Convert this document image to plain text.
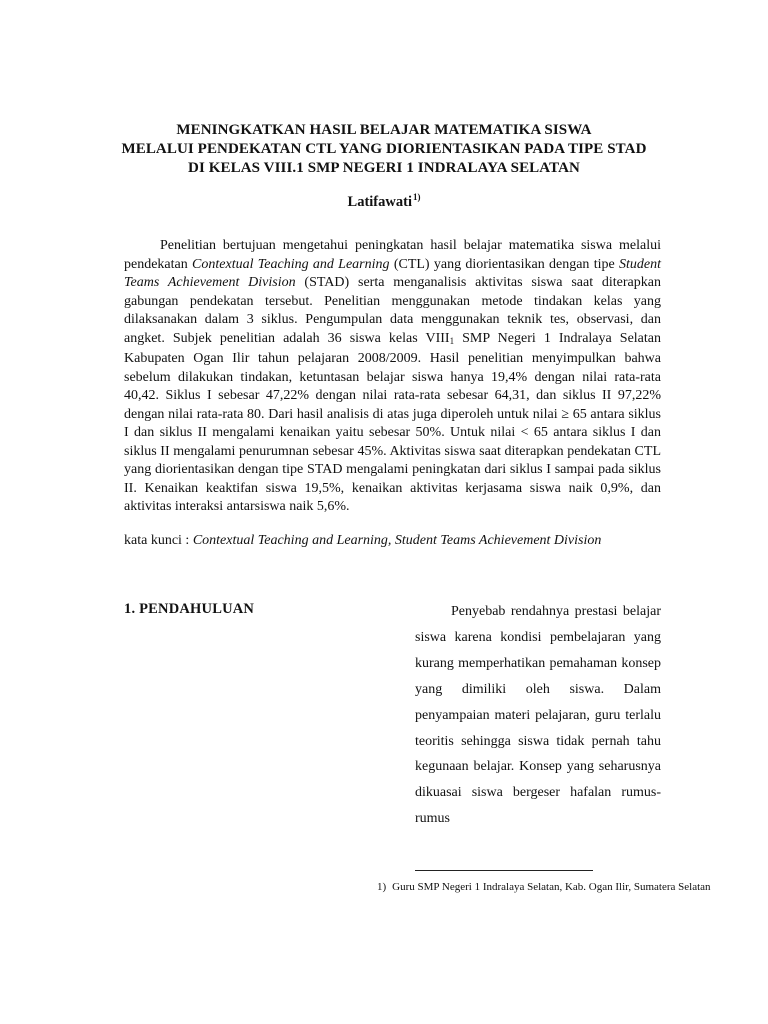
MENINGKATKAN HASIL BELAJAR MATEMATIKA SISWA
MELALUI PENDEKATAN CTL YANG DIORIENTASIKAN PADA TIPE STAD
DI KELAS VIII.1 SMP NEGERI 1 INDRALAYA SELATAN
Latifawati$^{1)}$

Penelitian bertujuan mengetahui peningkatan hasil belajar matematika siswa melalui pendekatan Contextual Teaching and Learning (CTL) yang diorientasikan dengan tipe Student Teams Achievement Division (STAD) serta menganalisis aktivitas siswa saat diterapkan gabungan pendekatan tersebut. Penelitian menggunakan metode tindakan kelas yang dilaksanakan dalam 3 siklus. Pengumpulan data menggunakan teknik tes, observasi, dan angket. Subjek penelitian adalah 36 siswa kelas $VIII_1$ SMP Negeri 1 Indralaya Selatan Kabupaten Ogan Ilir tahun pelajaran 2008/2009. Hasil penelitian menyimpulkan bahwa sebelum dilakukan tindakan, ketuntasan belajar siswa hanya 19,4% dengan nilai rata-rata 40,42. Siklus I sebesar 47,22% dengan nilai rata-rata sebesar 64,31, dan siklus II 97,22% dengan nilai rata-rata 80. Dari hasil analisis di atas juga diperoleh untuk nilai ≥ 65 antara siklus I dan siklus II mengalami kenaikan yaitu sebesar 50%. Untuk nilai < 65 antara siklus I dan siklus II mengalami penurumnan sebesar 45%. Aktivitas siswa saat diterapkan pendekatan CTL yang diorientasikan dengan tipe STAD mengalami peningkatan dari siklus I sampai pada siklus II. Kenaikan keaktifan siswa 19,5%, kenaikan aktivitas kerjasama siswa naik 0,9%, dan aktivitas interaksi antarsiswa naik 5,6%.

kata kunci : Contextual Teaching and Learning, Student Teams Achievement Division
1. PENDAHULUAN	Penyebab rendahnya prestasi belajar siswa karena kondisi pembelajaran yang kurang memperhatikan pemahaman konsep yang dimiliki oleh siswa. Dalam penyampaian materi pelajaran, guru terlalu teoritis sehingga siswa tidak pernah tahu kegunaan belajar. Konsep yang seharusnya dikuasai siswa bergeser hafalan rumus-rumus

1) Guru SMP Negeri 1 Indralaya Selatan, Kab. Ogan Ilir, Sumatera Selatan
